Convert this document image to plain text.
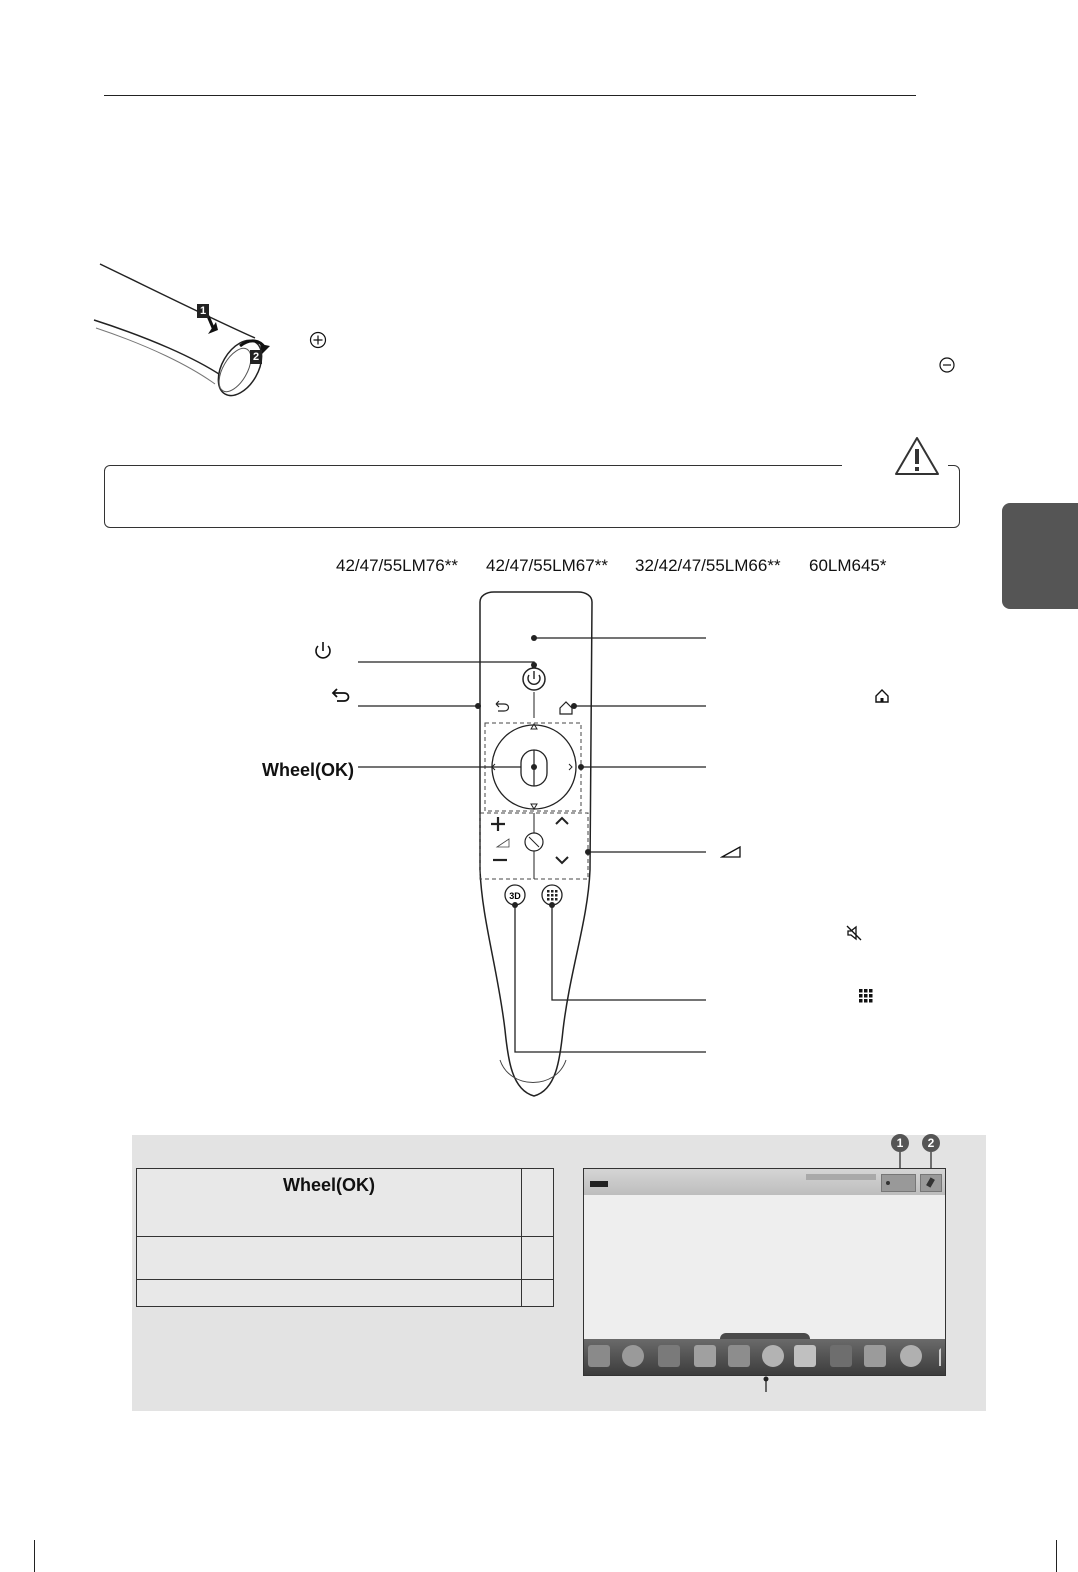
1
2
42/47/55LM76** 42/47/55LM67** 32/42/47/55LM66** 60LM645*
3D
Wheel(OK)
Wheel(OK)
1	2
